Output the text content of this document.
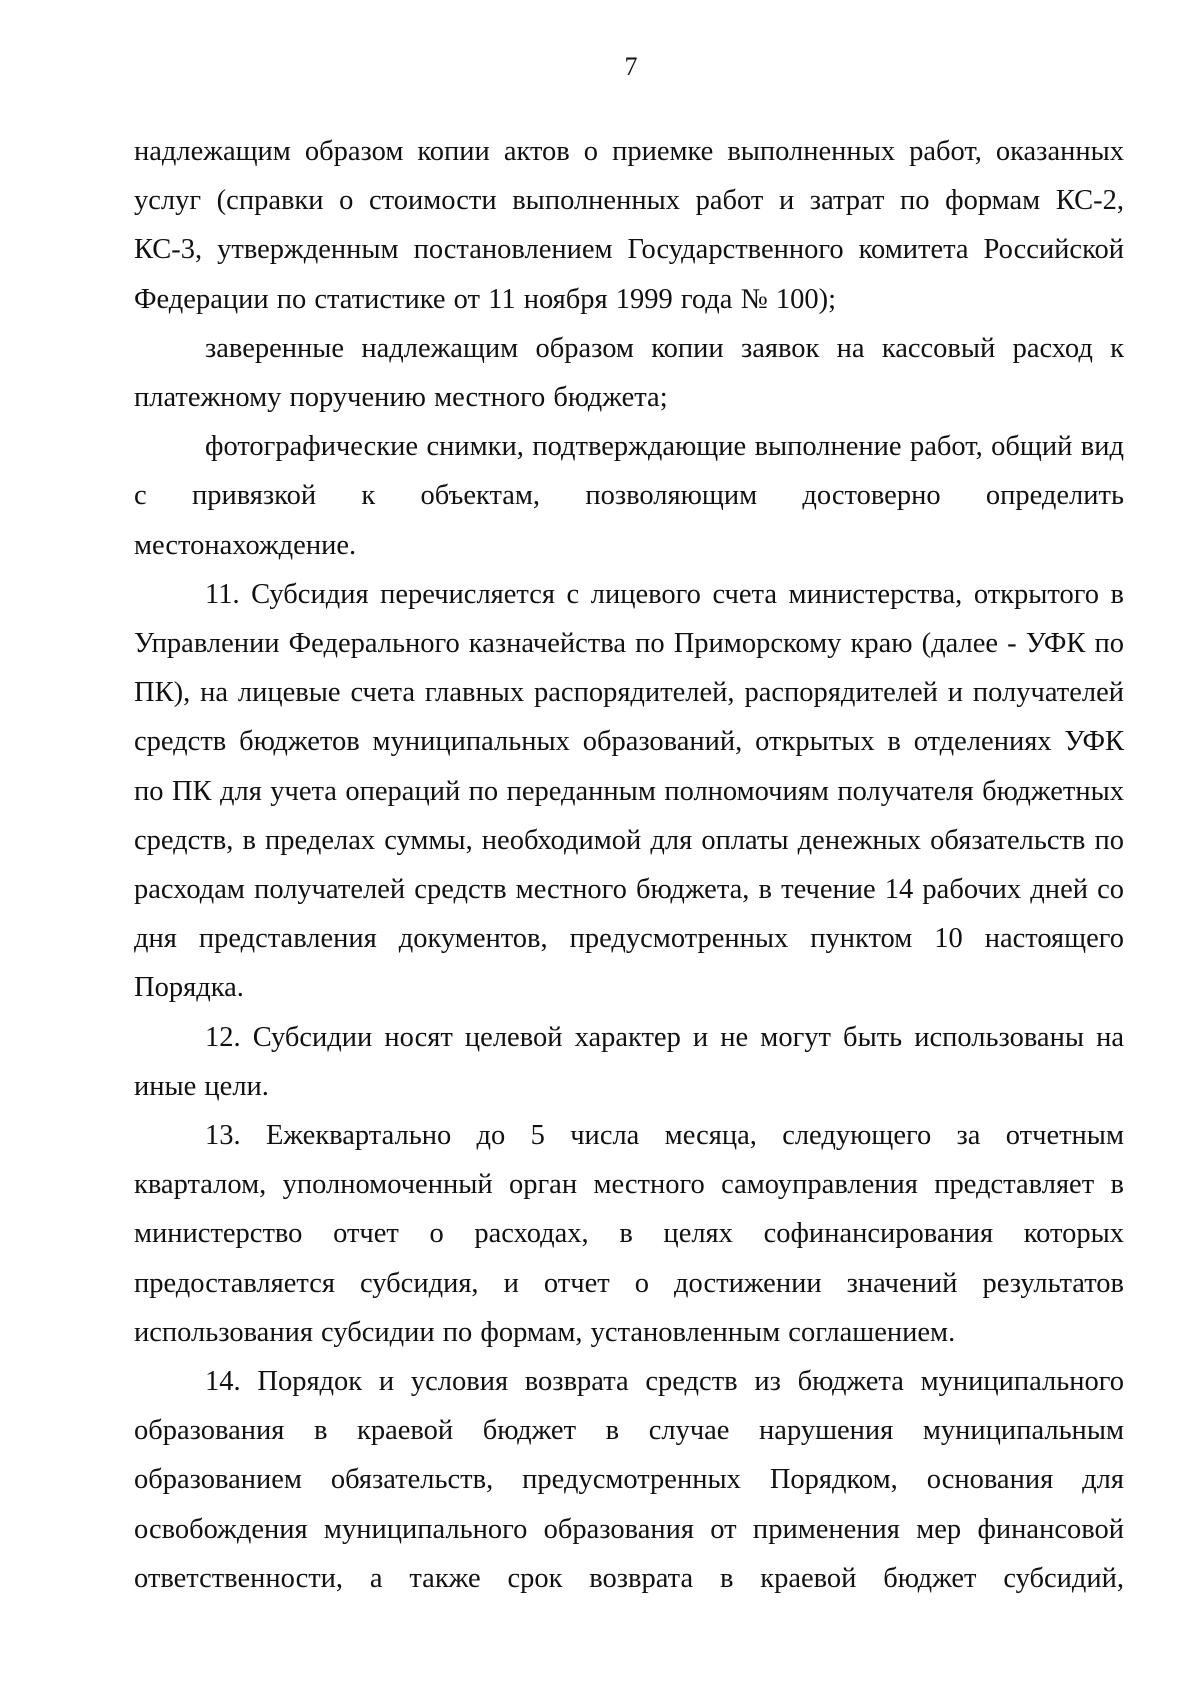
7

надлежащим образом копии актов о приемке выполненных работ, оказанных услуг (справки о стоимости выполненных работ и затрат по формам КС-2, КС-3, утвержденным постановлением Государственного комитета Российской Федерации по статистике от 11 ноября 1999 года № 100);

заверенные надлежащим образом копии заявок на кассовый расход к платежному поручению местного бюджета;

фотографические снимки, подтверждающие выполнение работ, общий вид с привязкой к объектам, позволяющим достоверно определить местонахождение.

11. Субсидия перечисляется с лицевого счета министерства, открытого в Управлении Федерального казначейства по Приморскому краю (далее - УФК по ПК), на лицевые счета главных распорядителей, распорядителей и получателей средств бюджетов муниципальных образований, открытых в отделениях УФК по ПК для учета операций по переданным полномочиям получателя бюджетных средств, в пределах суммы, необходимой для оплаты денежных обязательств по расходам получателей средств местного бюджета, в течение 14 рабочих дней со дня представления документов, предусмотренных пунктом 10 настоящего Порядка.

12. Субсидии носят целевой характер и не могут быть использованы на иные цели.

13. Ежеквартально до 5 числа месяца, следующего за отчетным кварталом, уполномоченный орган местного самоуправления представляет в министерство отчет о расходах, в целях софинансирования которых предоставляется субсидия, и отчет о достижении значений результатов использования субсидии по формам, установленным соглашением.

14. Порядок и условия возврата средств из бюджета муниципального образования в краевой бюджет в случае нарушения муниципальным образованием обязательств, предусмотренных Порядком, основания для освобождения муниципального образования от применения мер финансовой ответственности, а также срок возврата в краевой бюджет субсидий,
